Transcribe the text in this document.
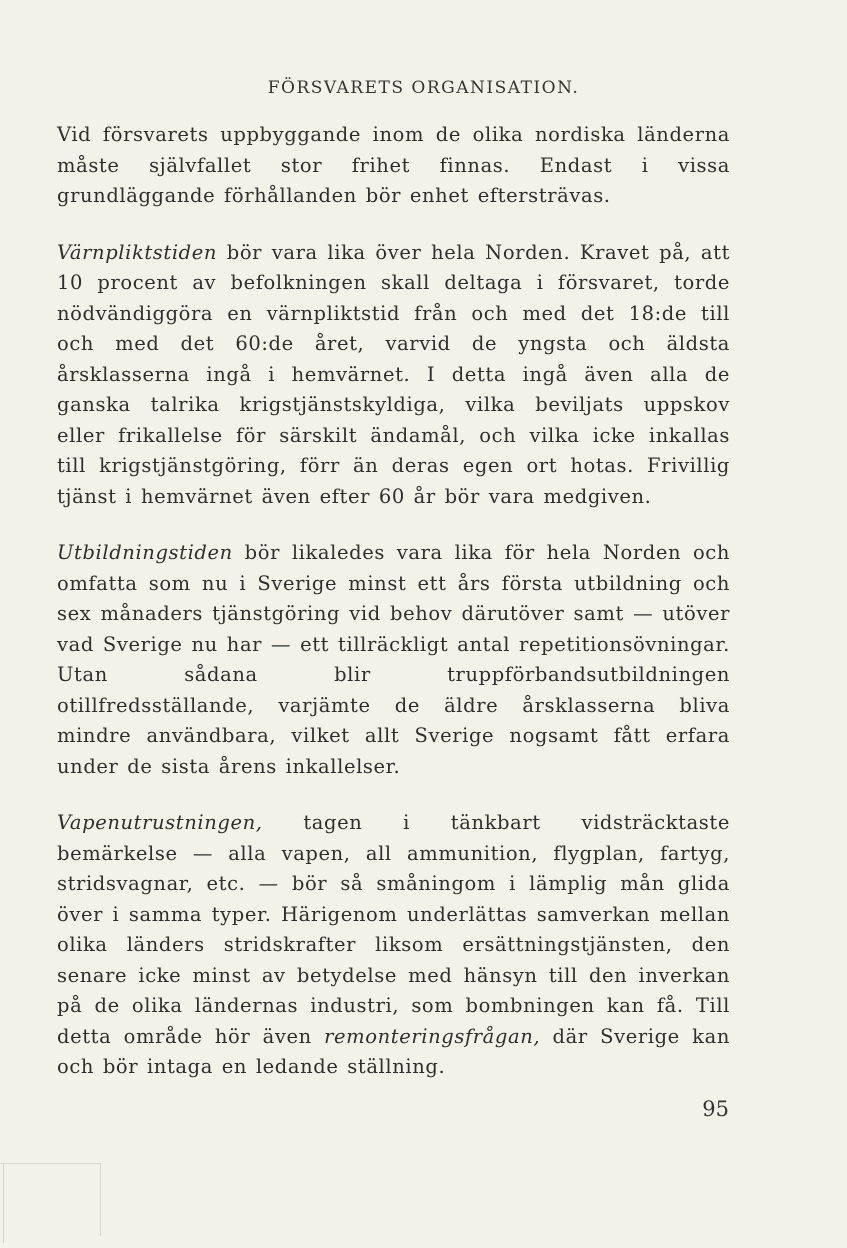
FÖRSVARETS ORGANISATION.

Vid försvarets uppbyggande inom de olika nordiska länderna måste självfallet stor frihet finnas. Endast i vissa grundläggande förhållanden bör enhet eftersträvas.

Värnpliktstiden bör vara lika över hela Norden. Kravet på, att 10 procent av befolkningen skall deltaga i försvaret, torde nödvändiggöra en värnpliktstid från och med det 18:de till och med det 60:de året, varvid de yngsta och äldsta årsklasserna ingå i hemvärnet. I detta ingå även alla de ganska talrika krigstjänstskyldiga, vilka beviljats uppskov eller frikallelse för särskilt ändamål, och vilka icke inkallas till krigstjänstgöring, förr än deras egen ort hotas. Frivillig tjänst i hemvärnet även efter 60 år bör vara medgiven.

Utbildningstiden bör likaledes vara lika för hela Norden och omfatta som nu i Sverige minst ett års första utbildning och sex månaders tjänstgöring vid behov därutöver samt — utöver vad Sverige nu har — ett tillräckligt antal repetitionsövningar. Utan sådana blir truppförbandsutbildningen otillfredsställande, varjämte de äldre årsklasserna bliva mindre användbara, vilket allt Sverige nogsamt fått erfara under de sista årens inkallelser.

Vapenutrustningen, tagen i tänkbart vidsträcktaste bemärkelse — alla vapen, all ammunition, flygplan, fartyg, stridsvagnar, etc. — bör så småningom i lämplig mån glida över i samma typer. Härigenom underlättas samverkan mellan olika länders stridskrafter liksom ersättningstjänsten, den senare icke minst av betydelse med hänsyn till den inverkan på de olika ländernas industri, som bombningen kan få. Till detta område hör även remonteringsfrågan, där Sverige kan och bör intaga en ledande ställning.

95
